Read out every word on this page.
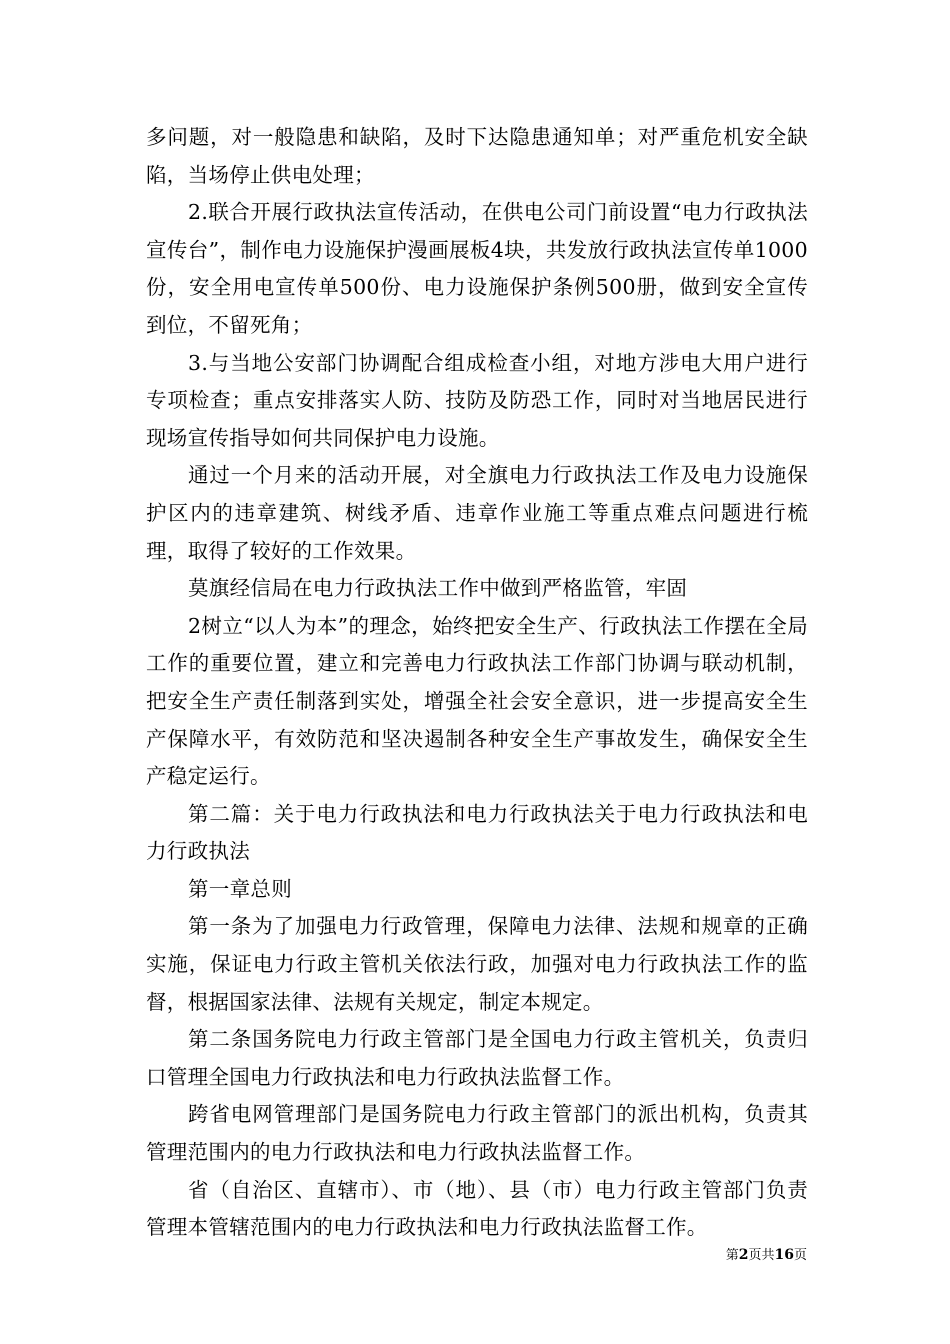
多问题，对一般隐患和缺陷，及时下达隐患通知单；对严重危机安全缺陷，当场停止供电处理；

2.联合开展行政执法宣传活动，在供电公司门前设置“电力行政执法宣传台”，制作电力设施保护漫画展板4块，共发放行政执法宣传单1000份，安全用电宣传单500份、电力设施保护条例500册，做到安全宣传到位，不留死角；

3.与当地公安部门协调配合组成检查小组，对地方涉电大用户进行专项检查；重点安排落实人防、技防及防恐工作，同时对当地居民进行现场宣传指导如何共同保护电力设施。

通过一个月来的活动开展，对全旗电力行政执法工作及电力设施保护区内的违章建筑、树线矛盾、违章作业施工等重点难点问题进行梳理，取得了较好的工作效果。

莫旗经信局在电力行政执法工作中做到严格监管，牢固

2树立“以人为本”的理念，始终把安全生产、行政执法工作摆在全局工作的重要位置，建立和完善电力行政执法工作部门协调与联动机制，把安全生产责任制落到实处，增强全社会安全意识，进一步提高安全生产保障水平，有效防范和坚决遏制各种安全生产事故发生，确保安全生产稳定运行。

第二篇：关于电力行政执法和电力行政执法关于电力行政执法和电力行政执法

第一章总则

第一条为了加强电力行政管理，保障电力法律、法规和规章的正确实施，保证电力行政主管机关依法行政，加强对电力行政执法工作的监督，根据国家法律、法规有关规定，制定本规定。

第二条国务院电力行政主管部门是全国电力行政主管机关，负责归口管理全国电力行政执法和电力行政执法监督工作。

跨省电网管理部门是国务院电力行政主管部门的派出机构，负责其管理范围内的电力行政执法和电力行政执法监督工作。

省（自治区、直辖市）、市（地）、县（市）电力行政主管部门负责管理本管辖范围内的电力行政执法和电力行政执法监督工作。

第2页共16页
